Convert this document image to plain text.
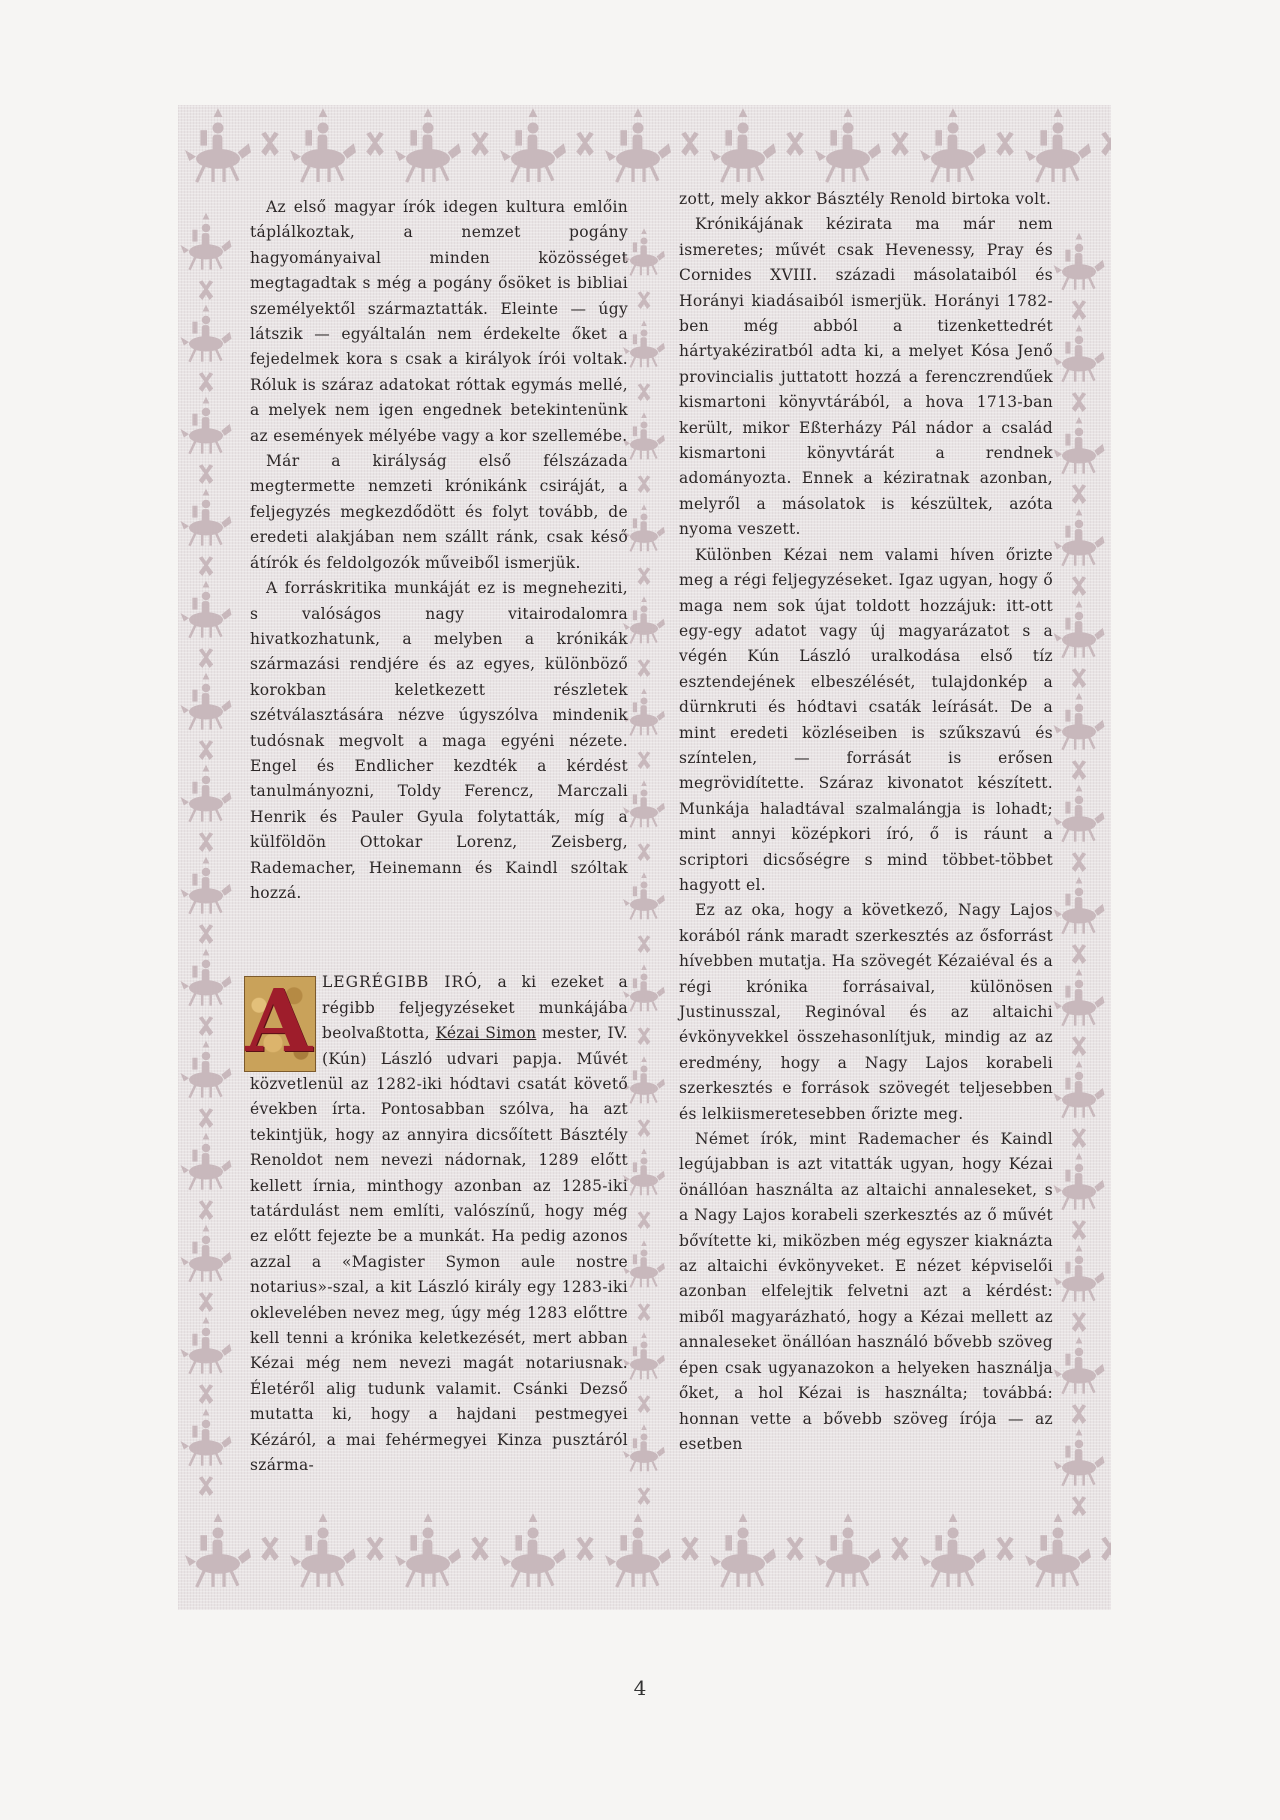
Az első magyar írók idegen kultura emlőin táplálkoztak, a nemzet pogány hagyományaival minden közösséget megtagadtak s még a pogány ősöket is bibliai személyektől származtatták. Eleinte — úgy látszik — egyáltalán nem érdekelte őket a fejedelmek kora s csak a királyok írói voltak. Róluk is száraz adatokat róttak egymás mellé, a melyek nem igen engednek betekintenünk az események mélyébe vagy a kor szellemébe.

Már a királyság első félszázada megtermette nemzeti krónikánk csiráját, a feljegyzés megkezdődött és folyt tovább, de eredeti alakjában nem szállt ránk, csak késő átírók és feldolgozók műveiből ismerjük.

A forráskritika munkáját ez is megneheziti, s valóságos nagy vitairodalomra hivatkozhatunk, a melyben a krónikák származási rendjére és az egyes, különböző korokban keletkezett részletek szétválasztására nézve úgyszólva mindenik tudósnak megvolt a maga egyéni nézete. Engel és Endlicher kezdték a kérdést tanulmányozni, Toldy Ferencz, Marczali Henrik és Pauler Gyula folytatták, míg a külföldön Ottokar Lorenz, Zeisberg, Rademacher, Heinemann és Kaindl szóltak hozzá.

A LEGRÉGIBB IRÓ, a ki ezeket a régibb feljegyzéseket munkájába beolvaßtotta, Kézai Simon mester, IV. (Kún) László udvari papja. Művét közvetlenül az 1282-iki hódtavi csatát követő években írta. Pontosabban szólva, ha azt tekintjük, hogy az annyira dicsőített Básztély Renoldot nem nevezi nádornak, 1289 előtt kellett írnia, minthogy azonban az 1285-iki tatárdulást nem említi, valószínű, hogy még ez előtt fejezte be a munkát. Ha pedig azonos azzal a «Magister Symon aule nostre notarius»-szal, a kit László király egy 1283-iki oklevelében nevez meg, úgy még 1283 előttre kell tenni a krónika keletkezését, mert abban Kézai még nem nevezi magát notariusnak. Életéről alig tudunk valamit. Csánki Dezső mutatta ki, hogy a hajdani pestmegyei Kézáról, a mai fehérmegyei Kinza pusztáról szárma-

zott, mely akkor Básztély Renold birtoka volt.

Krónikájának kézirata ma már nem ismeretes; művét csak Hevenessy, Pray és Cornides XVIII. századi másolataiból és Horányi kiadásaiból ismerjük. Horányi 1782-ben még abból a tizenkettedrét hártyakéziratból adta ki, a melyet Kósa Jenő provincialis juttatott hozzá a ferenczrendűek kismartoni könyvtárából, a hova 1713-ban került, mikor Eßterházy Pál nádor a család kismartoni könyvtárát a rendnek adományozta. Ennek a kéziratnak azonban, melyről a másolatok is készültek, azóta nyoma veszett.

Különben Kézai nem valami híven őrizte meg a régi feljegyzéseket. Igaz ugyan, hogy ő maga nem sok újat toldott hozzájuk: itt-ott egy-egy adatot vagy új magyarázatot s a végén Kún László uralkodása első tíz esztendejének elbeszélését, tulajdonkép a dürnkruti és hódtavi csaták leírását. De a mint eredeti közléseiben is szűkszavú és színtelen, — forrását is erősen megrövidítette. Száraz kivonatot készített. Munkája haladtával szalmalángja is lohadt; mint annyi középkori író, ő is ráunt a scriptori dicsőségre s mind többet-többet hagyott el.

Ez az oka, hogy a következő, Nagy Lajos korából ránk maradt szerkesztés az ősforrást hívebben mutatja. Ha szövegét Kézaiéval és a régi krónika forrásaival, különösen Justinusszal, Reginóval és az altaichi évkönyvekkel összehasonlítjuk, mindig az az eredmény, hogy a Nagy Lajos korabeli szerkesztés e források szövegét teljesebben és lelkiismeretesebben őrizte meg.

Német írók, mint Rademacher és Kaindl legújabban is azt vitatták ugyan, hogy Kézai önállóan használta az altaichi annaleseket, s a Nagy Lajos korabeli szerkesztés az ő művét bővítette ki, miközben még egyszer kiaknázta az altaichi évkönyveket. E nézet képviselői azonban elfelejtik felvetni azt a kérdést: miből magyarázható, hogy a Kézai mellett az annaleseket önállóan használó bővebb szöveg épen csak ugyanazokon a helyeken használja őket, a hol Kézai is használta; továbbá: honnan vette a bővebb szöveg írója — az esetben

4
